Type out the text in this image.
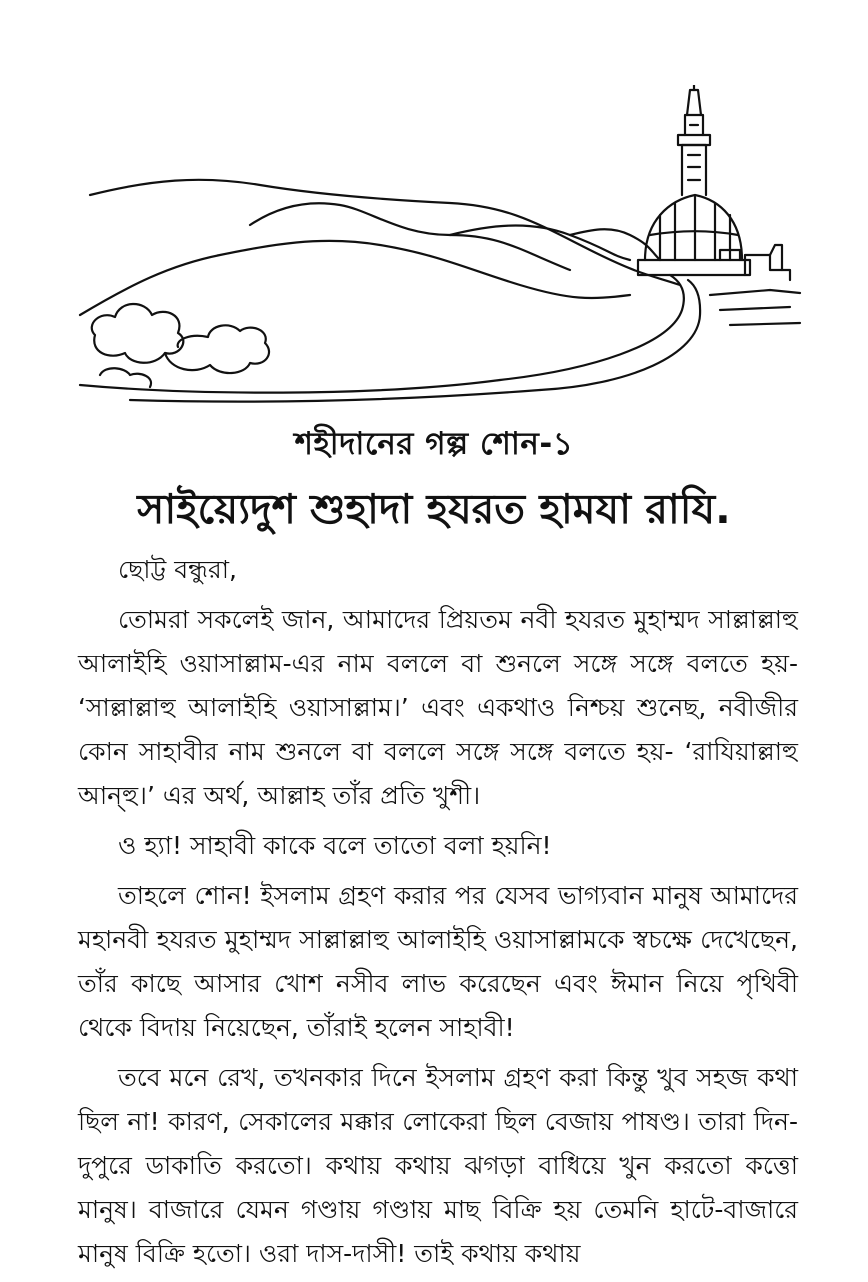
শহীদানের গল্প শোন-১
সাইয়্যেদুশ শুহাদা হযরত হামযা রাযি.

ছোট্ট বন্ধুরা,

তোমরা সকলেই জান, আমাদের প্রিয়তম নবী হযরত মুহাম্মদ সাল্লাল্লাহু আলাইহি ওয়াসাল্লাম-এর নাম বললে বা শুনলে সঙ্গে সঙ্গে বলতে হয়- ‘সাল্লাল্লাহু আলাইহি ওয়াসাল্লাম।’ এবং একথাও নিশ্চয় শুনেছ, নবীজীর কোন সাহাবীর নাম শুনলে বা বললে সঙ্গে সঙ্গে বলতে হয়- ‘রাযিয়াল্লাহু আন্হু।’ এর অর্থ, আল্লাহ তাঁর প্রতি খুশী।

ও হ্যা! সাহাবী কাকে বলে তাতো বলা হয়নি!

তাহলে শোন! ইসলাম গ্রহণ করার পর যেসব ভাগ্যবান মানুষ আমাদের মহানবী হযরত মুহাম্মদ সাল্লাল্লাহু আলাইহি ওয়াসাল্লামকে স্বচক্ষে দেখেছেন, তাঁর কাছে আসার খোশ নসীব লাভ করেছেন এবং ঈমান নিয়ে পৃথিবী থেকে বিদায় নিয়েছেন, তাঁরাই হলেন সাহাবী!

তবে মনে রেখ, তখনকার দিনে ইসলাম গ্রহণ করা কিন্তু খুব সহজ কথা ছিল না! কারণ, সেকালের মক্কার লোকেরা ছিল বেজায় পাষণ্ড। তারা দিন-দুপুরে ডাকাতি করতো। কথায় কথায় ঝগড়া বাধিয়ে খুন করতো কত্তো মানুষ। বাজারে যেমন গণ্ডায় গণ্ডায় মাছ বিক্রি হয় তেমনি হাটে-বাজারে মানুষ বিক্রি হতো। ওরা দাস-দাসী! তাই কথায় কথায়
